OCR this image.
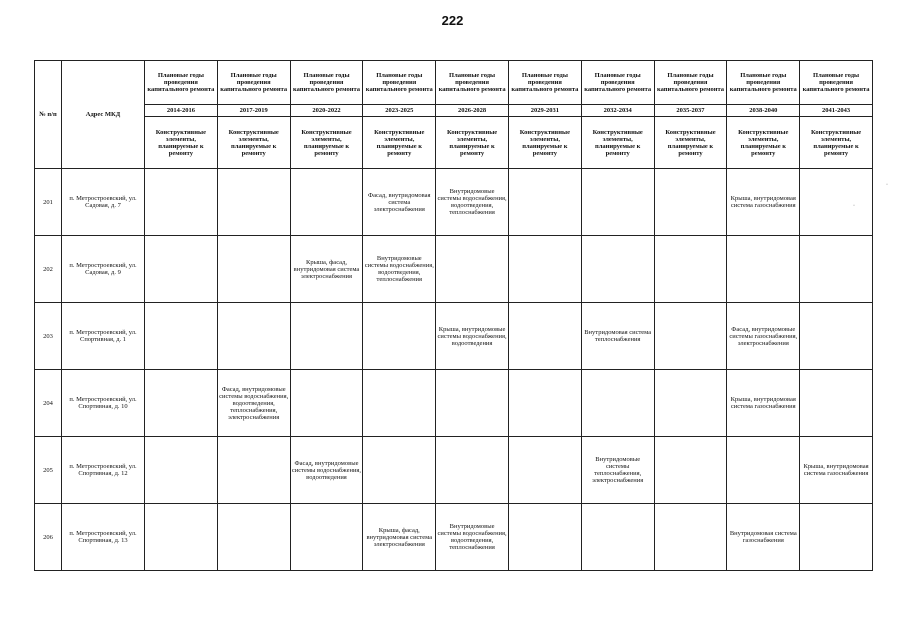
222
№ п/п	Адрес МКД	Плановые годы проведения капитального ремонта	Плановые годы проведения капитального ремонта	Плановые годы проведения капитального ремонта	Плановые годы проведения капитального ремонта	Плановые годы проведения капитального ремонта	Плановые годы проведения капитального ремонта	Плановые годы проведения капитального ремонта	Плановые годы проведения капитального ремонта	Плановые годы проведения капитального ремонта	Плановые годы проведения капитального ремонта
		2014-2016	2017-2019	2020-2022	2023-2025	2026-2028	2029-2031	2032-2034	2035-2037	2038-2040	2041-2043
		Конструктивные элементы, планируемые к ремонту	Конструктивные элементы, планируемые к ремонту	Конструктивные элементы, планируемые к ремонту	Конструктивные элементы, планируемые к ремонту	Конструктивные элементы, планируемые к ремонту	Конструктивные элементы, планируемые к ремонту	Конструктивные элементы, планируемые к ремонту	Конструктивные элементы, планируемые к ремонту	Конструктивные элементы, планируемые к ремонту	Конструктивные элементы, планируемые к ремонту
201	п. Метростроевский, ул. Садовая, д. 7				Фасад, внутридомовая система электроснабжения	Внутридомовые системы водоснабжения, водоотведения, теплоснабжения				Крыша, внутридомовая система газоснабжения	
202	п. Метростроевский, ул. Садовая, д. 9			Крыша, фасад, внутридомовая система электроснабжения	Внутридомовые системы водоснабжения, водоотведения, теплоснабжения						
203	п. Метростроевский, ул. Спортивная, д. 1					Крыша, внутридомовые системы водоснабжения, водоотведения		Внутридомовая система теплоснабжения		Фасад, внутридомовые системы газоснабжения, электроснабжения	
204	п. Метростроевский, ул. Спортивная, д. 10		Фасад, внутридомовые системы водоснабжения, водоотведения, теплоснабжения, электроснабжения							Крыша, внутридомовая система газоснабжения	
205	п. Метростроевский, ул. Спортивная, д. 12			Фасад, внутридомовые системы водоснабжения, водоотведения				Внутридомовые системы теплоснабжения, электроснабжения			Крыша, внутридомовая система газоснабжения
206	п. Метростроевский, ул. Спортивная, д. 13				Крыша, фасад, внутридомовая система электроснабжения	Внутридомовые системы водоснабжения, водоотведения, теплоснабжения				Внутридомовая система газоснабжения	
·
·
